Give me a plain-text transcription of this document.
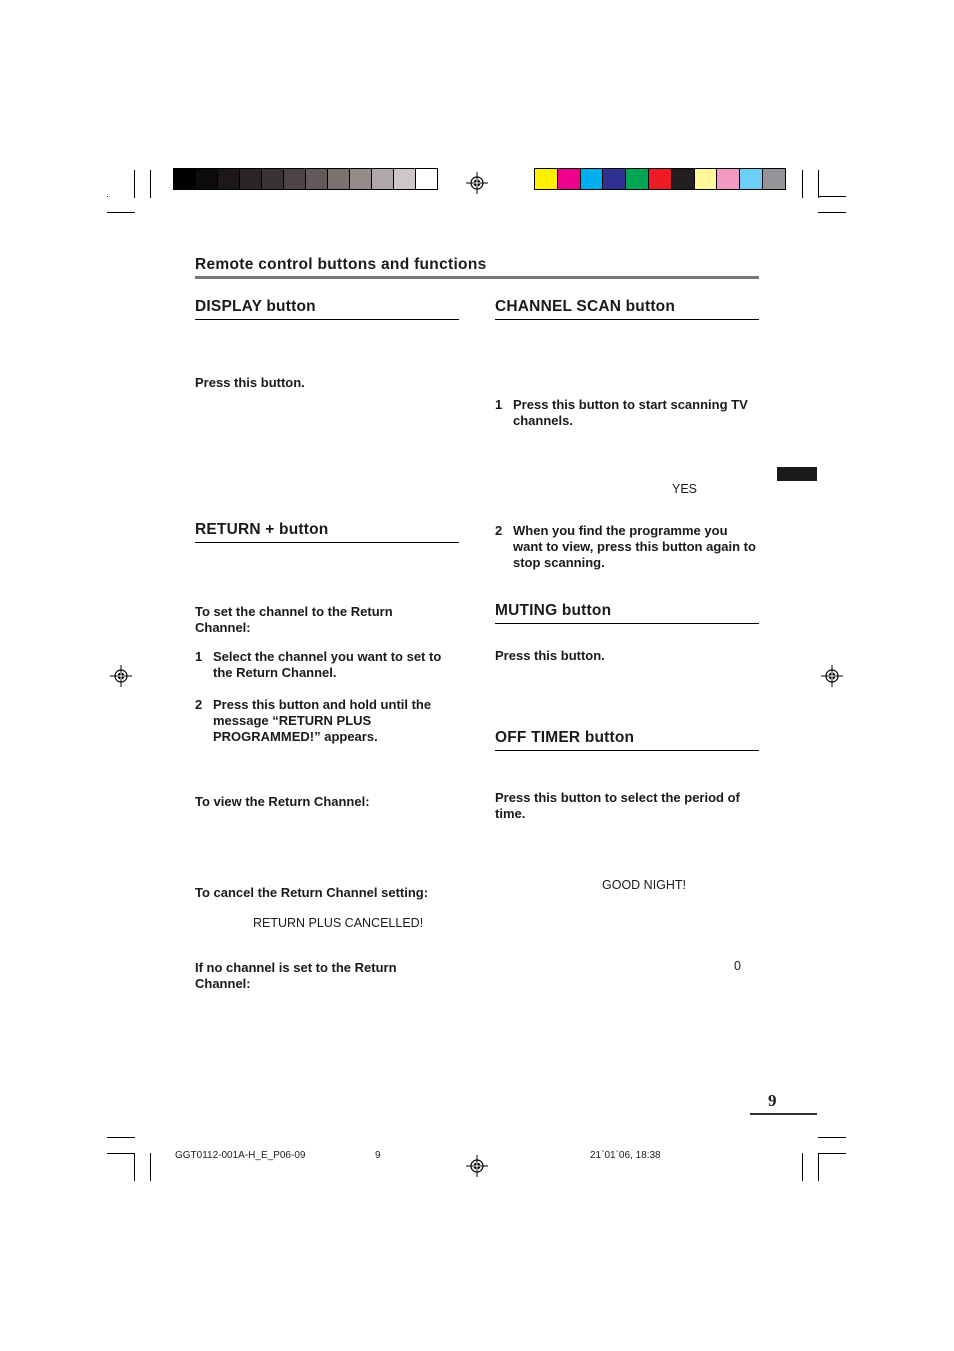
Remote control buttons and functions
DISPLAY button
Press this button.
RETURN + button
To set the channel to the Return Channel:
1 Select the channel you want to set to the Return Channel.
2 Press this button and hold until the message “RETURN PLUS PROGRAMMED!” appears.
To view the Return Channel:
To cancel the Return Channel setting:
RETURN PLUS CANCELLED!
If no channel is set to the Return Channel:
CHANNEL SCAN button
1 Press this button to start scanning TV channels.
YES
2 When you find the programme you want to view, press this button again to stop scanning.
MUTING button
Press this button.
OFF TIMER button
Press this button to select the period of time.
GOOD NIGHT!
0
9
GGT0112-001A-H_E_P06-09	9	21`01`06, 18:38
